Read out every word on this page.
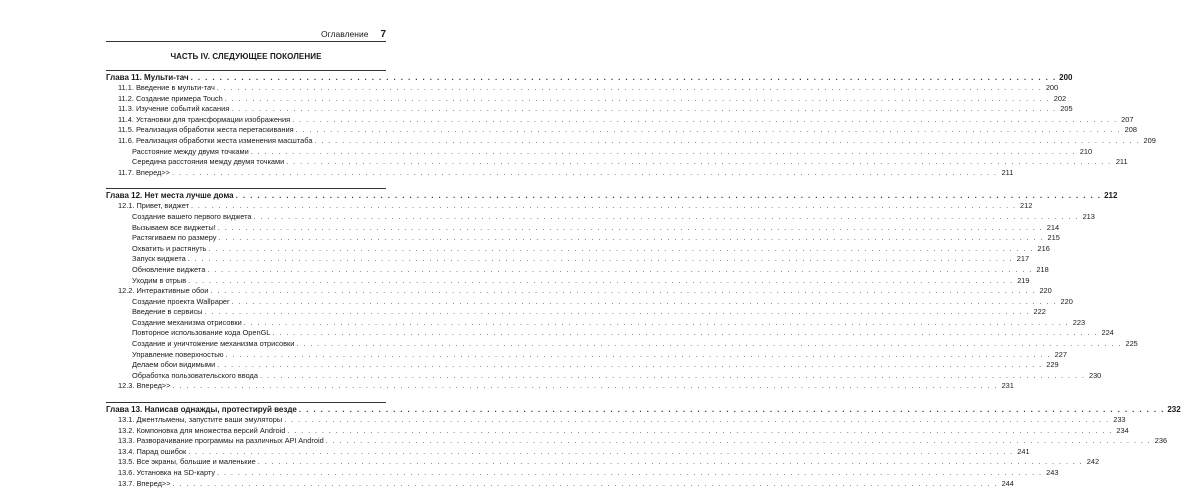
Оглавление 7
ЧАСТЬ IV. СЛЕДУЮЩЕЕ ПОКОЛЕНИЕ
Глава 11. Мульти-тач . . . . . . . . . . . . . . . . . . . . . . . . . . . . . . . . . . . . . . . . . . . . . . . . . . . . . . . . . . . . . . . . . . . . . . . . . . . . . . . . . . . . . . . . . . . . . . . . . . . . . . . . . . . . . . . . . . . . . . . . 200
11.1. Введение в мульти-тач . . . . . . . . . . . . . . . . . . . . . . . . . . . . . . . . . . . . . . . . . . . . . . . . . . . . . . . . . . . . . . . . . . . . . . . . . . . . . . . . . . . . . . . . . . . . . . . . . . . . . . . . . . . . . . . . . . . . . . . . 200
11.2. Создание примера Touch . . . . . . . . . . . . . . . . . . . . . . . . . . . . . . . . . . . . . . . . . . . . . . . . . . . . . . . . . . . . . . . . . . . . . . . . . . . . . . . . . . . . . . . . . . . . . . . . . . . . . . . . . . . . . . . . . . . . . . . . 202
11.3. Изучение событий касания . . . . . . . . . . . . . . . . . . . . . . . . . . . . . . . . . . . . . . . . . . . . . . . . . . . . . . . . . . . . . . . . . . . . . . . . . . . . . . . . . . . . . . . . . . . . . . . . . . . . . . . . . . . . . . . . . . . . . . . . 205
11.4. Установки для трансформации изображения . . . . . . . . . . . . . . . . . . . . . . . . . . . . . . . . . . . . . . . . . . . . . . . . . . . . . . . . . . . . . . . . . . . . . . . . . . . . . . . . . . . . . . . . . . . . . . . . . . . . . . . . . . . . . . . . . . . . . . . . 207
11.5. Реализация обработки жеста перетаскивания . . . . . . . . . . . . . . . . . . . . . . . . . . . . . . . . . . . . . . . . . . . . . . . . . . . . . . . . . . . . . . . . . . . . . . . . . . . . . . . . . . . . . . . . . . . . . . . . . . . . . . . . . . . . . . . . . . . . . . . . 208
11.6. Реализация обработки жеста изменения масштаба . . . . . . . . . . . . . . . . . . . . . . . . . . . . . . . . . . . . . . . . . . . . . . . . . . . . . . . . . . . . . . . . . . . . . . . . . . . . . . . . . . . . . . . . . . . . . . . . . . . . . . . . . . . . . . . . . . . . . . . . 209
Расстояние между двумя точками . . . . . . . . . . . . . . . . . . . . . . . . . . . . . . . . . . . . . . . . . . . . . . . . . . . . . . . . . . . . . . . . . . . . . . . . . . . . . . . . . . . . . . . . . . . . . . . . . . . . . . . . . . . . . . . . . . . . . . . . 210
Середина расстояния между двумя точками . . . . . . . . . . . . . . . . . . . . . . . . . . . . . . . . . . . . . . . . . . . . . . . . . . . . . . . . . . . . . . . . . . . . . . . . . . . . . . . . . . . . . . . . . . . . . . . . . . . . . . . . . . . . . . . . . . . . . . . . 211
11.7. Вперед>> . . . . . . . . . . . . . . . . . . . . . . . . . . . . . . . . . . . . . . . . . . . . . . . . . . . . . . . . . . . . . . . . . . . . . . . . . . . . . . . . . . . . . . . . . . . . . . . . . . . . . . . . . . . . . . . . . . . . . . . . 211
Глава 12. Нет места лучше дома . . . . . . . . . . . . . . . . . . . . . . . . . . . . . . . . . . . . . . . . . . . . . . . . . . . . . . . . . . . . . . . . . . . . . . . . . . . . . . . . . . . . . . . . . . . . . . . . . . . . . . . . . . . . . . . . . . . . . . . . 212
12.1. Привет, виджет . . . . . . . . . . . . . . . . . . . . . . . . . . . . . . . . . . . . . . . . . . . . . . . . . . . . . . . . . . . . . . . . . . . . . . . . . . . . . . . . . . . . . . . . . . . . . . . . . . . . . . . . . . . . . . . . . . . . . . . . 212
Создание вашего первого виджета . . . . . . . . . . . . . . . . . . . . . . . . . . . . . . . . . . . . . . . . . . . . . . . . . . . . . . . . . . . . . . . . . . . . . . . . . . . . . . . . . . . . . . . . . . . . . . . . . . . . . . . . . . . . . . . . . . . . . . . . 213
Вызываем все виджеты! . . . . . . . . . . . . . . . . . . . . . . . . . . . . . . . . . . . . . . . . . . . . . . . . . . . . . . . . . . . . . . . . . . . . . . . . . . . . . . . . . . . . . . . . . . . . . . . . . . . . . . . . . . . . . . . . . . . . . . . . 214
Растягиваем по размеру . . . . . . . . . . . . . . . . . . . . . . . . . . . . . . . . . . . . . . . . . . . . . . . . . . . . . . . . . . . . . . . . . . . . . . . . . . . . . . . . . . . . . . . . . . . . . . . . . . . . . . . . . . . . . . . . . . . . . . . . 215
Охватить и растянуть . . . . . . . . . . . . . . . . . . . . . . . . . . . . . . . . . . . . . . . . . . . . . . . . . . . . . . . . . . . . . . . . . . . . . . . . . . . . . . . . . . . . . . . . . . . . . . . . . . . . . . . . . . . . . . . . . . . . . . . . 216
Запуск виджета . . . . . . . . . . . . . . . . . . . . . . . . . . . . . . . . . . . . . . . . . . . . . . . . . . . . . . . . . . . . . . . . . . . . . . . . . . . . . . . . . . . . . . . . . . . . . . . . . . . . . . . . . . . . . . . . . . . . . . . . 217
Обновление виджета . . . . . . . . . . . . . . . . . . . . . . . . . . . . . . . . . . . . . . . . . . . . . . . . . . . . . . . . . . . . . . . . . . . . . . . . . . . . . . . . . . . . . . . . . . . . . . . . . . . . . . . . . . . . . . . . . . . . . . . . 218
Уходим в отрыв . . . . . . . . . . . . . . . . . . . . . . . . . . . . . . . . . . . . . . . . . . . . . . . . . . . . . . . . . . . . . . . . . . . . . . . . . . . . . . . . . . . . . . . . . . . . . . . . . . . . . . . . . . . . . . . . . . . . . . . . 219
12.2. Интерактивные обои . . . . . . . . . . . . . . . . . . . . . . . . . . . . . . . . . . . . . . . . . . . . . . . . . . . . . . . . . . . . . . . . . . . . . . . . . . . . . . . . . . . . . . . . . . . . . . . . . . . . . . . . . . . . . . . . . . . . . . . . 220
Создание проекта Wallpaper . . . . . . . . . . . . . . . . . . . . . . . . . . . . . . . . . . . . . . . . . . . . . . . . . . . . . . . . . . . . . . . . . . . . . . . . . . . . . . . . . . . . . . . . . . . . . . . . . . . . . . . . . . . . . . . . . . . . . . . . 220
Введение в сервисы . . . . . . . . . . . . . . . . . . . . . . . . . . . . . . . . . . . . . . . . . . . . . . . . . . . . . . . . . . . . . . . . . . . . . . . . . . . . . . . . . . . . . . . . . . . . . . . . . . . . . . . . . . . . . . . . . . . . . . . . 222
Создание механизма отрисовки . . . . . . . . . . . . . . . . . . . . . . . . . . . . . . . . . . . . . . . . . . . . . . . . . . . . . . . . . . . . . . . . . . . . . . . . . . . . . . . . . . . . . . . . . . . . . . . . . . . . . . . . . . . . . . . . . . . . . . . . 223
Повторное использование кода OpenGL . . . . . . . . . . . . . . . . . . . . . . . . . . . . . . . . . . . . . . . . . . . . . . . . . . . . . . . . . . . . . . . . . . . . . . . . . . . . . . . . . . . . . . . . . . . . . . . . . . . . . . . . . . . . . . . . . . . . . . . . 224
Создание и уничтожение механизма отрисовки . . . . . . . . . . . . . . . . . . . . . . . . . . . . . . . . . . . . . . . . . . . . . . . . . . . . . . . . . . . . . . . . . . . . . . . . . . . . . . . . . . . . . . . . . . . . . . . . . . . . . . . . . . . . . . . . . . . . . . . . 225
Управление поверхностью . . . . . . . . . . . . . . . . . . . . . . . . . . . . . . . . . . . . . . . . . . . . . . . . . . . . . . . . . . . . . . . . . . . . . . . . . . . . . . . . . . . . . . . . . . . . . . . . . . . . . . . . . . . . . . . . . . . . . . . . 227
Делаем обои видимыми . . . . . . . . . . . . . . . . . . . . . . . . . . . . . . . . . . . . . . . . . . . . . . . . . . . . . . . . . . . . . . . . . . . . . . . . . . . . . . . . . . . . . . . . . . . . . . . . . . . . . . . . . . . . . . . . . . . . . . . . 229
Обработка пользовательского ввода . . . . . . . . . . . . . . . . . . . . . . . . . . . . . . . . . . . . . . . . . . . . . . . . . . . . . . . . . . . . . . . . . . . . . . . . . . . . . . . . . . . . . . . . . . . . . . . . . . . . . . . . . . . . . . . . . . . . . . . . 230
12.3. Вперед>> . . . . . . . . . . . . . . . . . . . . . . . . . . . . . . . . . . . . . . . . . . . . . . . . . . . . . . . . . . . . . . . . . . . . . . . . . . . . . . . . . . . . . . . . . . . . . . . . . . . . . . . . . . . . . . . . . . . . . . . . 231
Глава 13. Написав однажды, протестируй везде . . . . . . . . . . . . . . . . . . . . . . . . . . . . . . . . . . . . . . . . . . . . . . . . . . . . . . . . . . . . . . . . . . . . . . . . . . . . . . . . . . . . . . . . . . . . . . . . . . . . . . . . . . . . . . . . . . . . . . . . 232
13.1. Джентльмены, запустите ваши эмуляторы . . . . . . . . . . . . . . . . . . . . . . . . . . . . . . . . . . . . . . . . . . . . . . . . . . . . . . . . . . . . . . . . . . . . . . . . . . . . . . . . . . . . . . . . . . . . . . . . . . . . . . . . . . . . . . . . . . . . . . . . 233
13.2. Компоновка для множества версий Android . . . . . . . . . . . . . . . . . . . . . . . . . . . . . . . . . . . . . . . . . . . . . . . . . . . . . . . . . . . . . . . . . . . . . . . . . . . . . . . . . . . . . . . . . . . . . . . . . . . . . . . . . . . . . . . . . . . . . . . . 234
13.3. Разворачивание программы на различных API Android . . . . . . . . . . . . . . . . . . . . . . . . . . . . . . . . . . . . . . . . . . . . . . . . . . . . . . . . . . . . . . . . . . . . . . . . . . . . . . . . . . . . . . . . . . . . . . . . . . . . . . . . . . . . . . . . . . . . . . . . 236
13.4. Парад ошибок . . . . . . . . . . . . . . . . . . . . . . . . . . . . . . . . . . . . . . . . . . . . . . . . . . . . . . . . . . . . . . . . . . . . . . . . . . . . . . . . . . . . . . . . . . . . . . . . . . . . . . . . . . . . . . . . . . . . . . . . 241
13.5. Все экраны, большие и маленькие . . . . . . . . . . . . . . . . . . . . . . . . . . . . . . . . . . . . . . . . . . . . . . . . . . . . . . . . . . . . . . . . . . . . . . . . . . . . . . . . . . . . . . . . . . . . . . . . . . . . . . . . . . . . . . . . . . . . . . . . 242
13.6. Установка на SD-карту . . . . . . . . . . . . . . . . . . . . . . . . . . . . . . . . . . . . . . . . . . . . . . . . . . . . . . . . . . . . . . . . . . . . . . . . . . . . . . . . . . . . . . . . . . . . . . . . . . . . . . . . . . . . . . . . . . . . . . . . 243
13.7. Вперед>> . . . . . . . . . . . . . . . . . . . . . . . . . . . . . . . . . . . . . . . . . . . . . . . . . . . . . . . . . . . . . . . . . . . . . . . . . . . . . . . . . . . . . . . . . . . . . . . . . . . . . . . . . . . . . . . . . . . . . . . . 244
